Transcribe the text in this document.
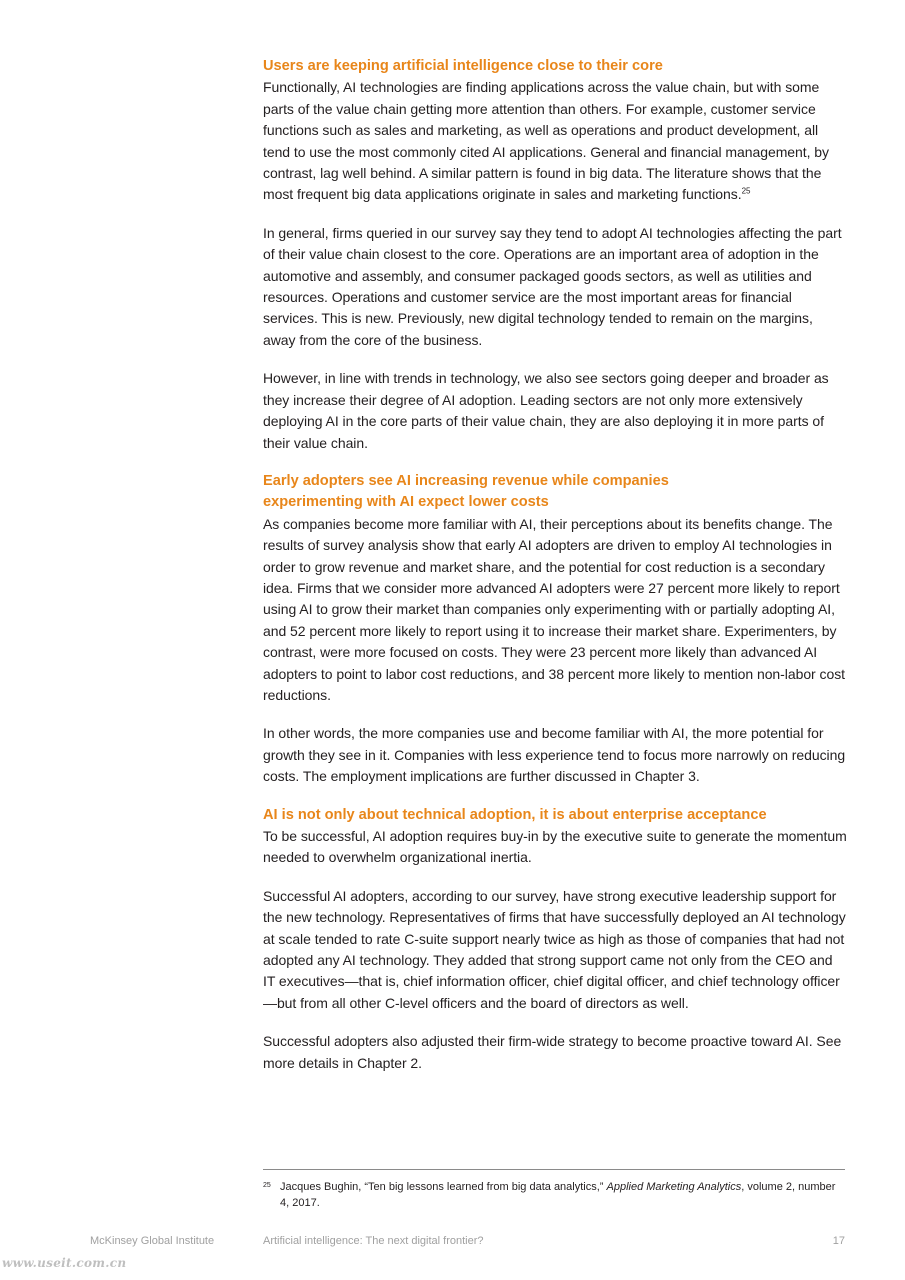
Users are keeping artificial intelligence close to their core

Functionally, AI technologies are finding applications across the value chain, but with some parts of the value chain getting more attention than others. For example, customer service functions such as sales and marketing, as well as operations and product development, all tend to use the most commonly cited AI applications. General and financial management, by contrast, lag well behind. A similar pattern is found in big data. The literature shows that the most frequent big data applications originate in sales and marketing functions.$^{25}$

In general, firms queried in our survey say they tend to adopt AI technologies affecting the part of their value chain closest to the core. Operations are an important area of adoption in the automotive and assembly, and consumer packaged goods sectors, as well as utilities and resources. Operations and customer service are the most important areas for financial services. This is new. Previously, new digital technology tended to remain on the margins, away from the core of the business.

However, in line with trends in technology, we also see sectors going deeper and broader as they increase their degree of AI adoption. Leading sectors are not only more extensively deploying AI in the core parts of their value chain, they are also deploying it in more parts of their value chain.

Early adopters see AI increasing revenue while companies
experimenting with AI expect lower costs

As companies become more familiar with AI, their perceptions about its benefits change. The results of survey analysis show that early AI adopters are driven to employ AI technologies in order to grow revenue and market share, and the potential for cost reduction is a secondary idea. Firms that we consider more advanced AI adopters were 27 percent more likely to report using AI to grow their market than companies only experimenting with or partially adopting AI, and 52 percent more likely to report using it to increase their market share. Experimenters, by contrast, were more focused on costs. They were 23 percent more likely than advanced AI adopters to point to labor cost reductions, and 38 percent more likely to mention non-labor cost reductions.

In other words, the more companies use and become familiar with AI, the more potential for growth they see in it. Companies with less experience tend to focus more narrowly on reducing costs. The employment implications are further discussed in Chapter 3.

AI is not only about technical adoption, it is about enterprise acceptance

To be successful, AI adoption requires buy-in by the executive suite to generate the momentum needed to overwhelm organizational inertia.

Successful AI adopters, according to our survey, have strong executive leadership support for the new technology. Representatives of firms that have successfully deployed an AI technology at scale tended to rate C-suite support nearly twice as high as those of companies that had not adopted any AI technology. They added that strong support came not only from the CEO and IT executives—that is, chief information officer, chief digital officer, and chief technology officer—but from all other C-level officers and the board of directors as well.

Successful adopters also adjusted their firm-wide strategy to become proactive toward AI. See more details in Chapter 2.

25 Jacques Bughin, “Ten big lessons learned from big data analytics,” Applied Marketing Analytics, volume 2, number 4, 2017.
McKinsey Global Institute	Artificial intelligence: The next digital frontier?	17
www.useit.com.cn
